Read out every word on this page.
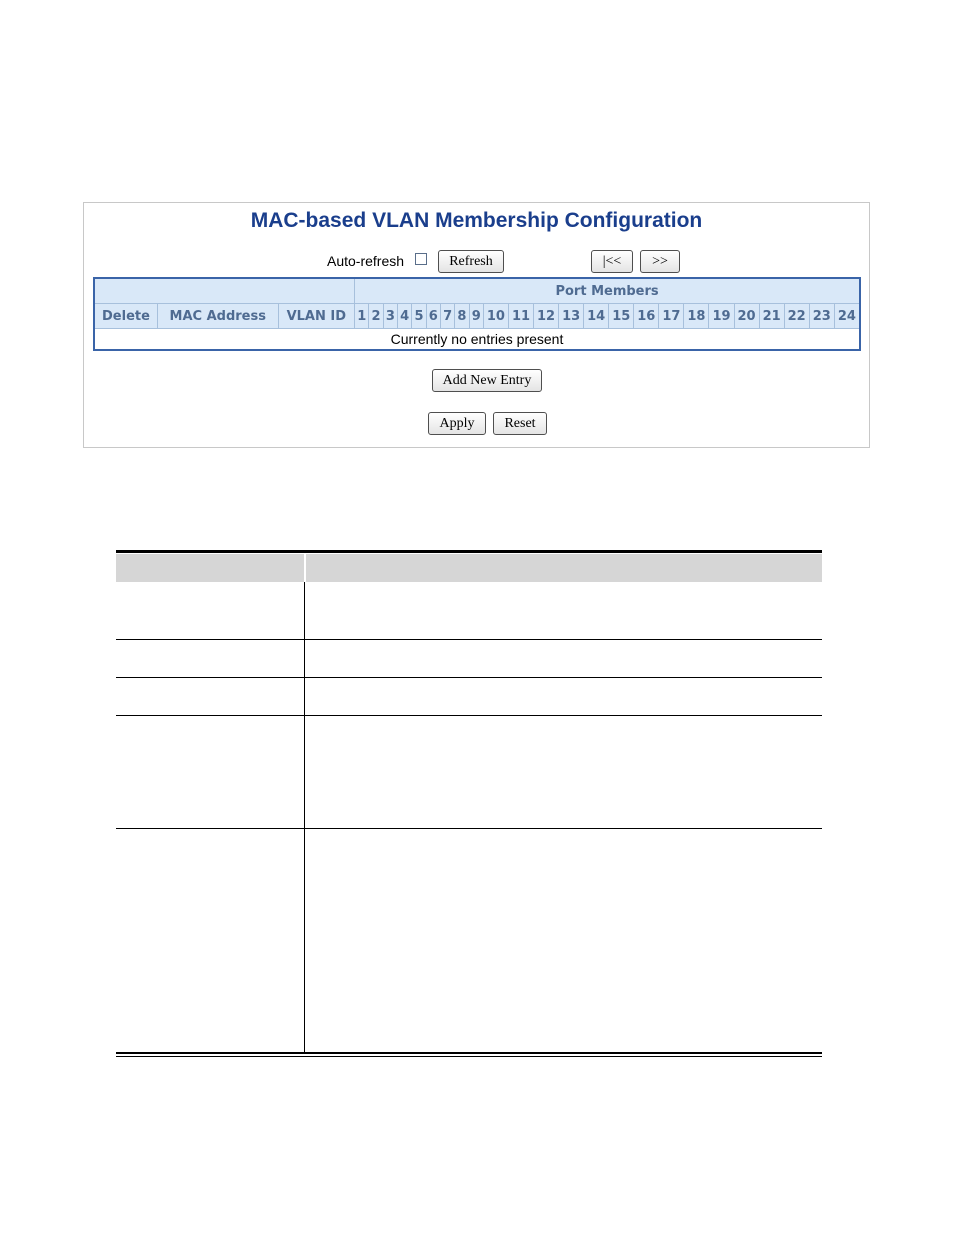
MAC-based VLAN Membership Configuration
Auto-refresh	Refresh	|<<	>>
			Port Members																							
Delete	MAC Address	VLAN ID	1	2	3	4	5	6	7	8	9	10	11	12	13	14	15	16	17	18	19	20	21	22	23	24
Currently no entries present																										
Add New Entry
Apply	Reset
